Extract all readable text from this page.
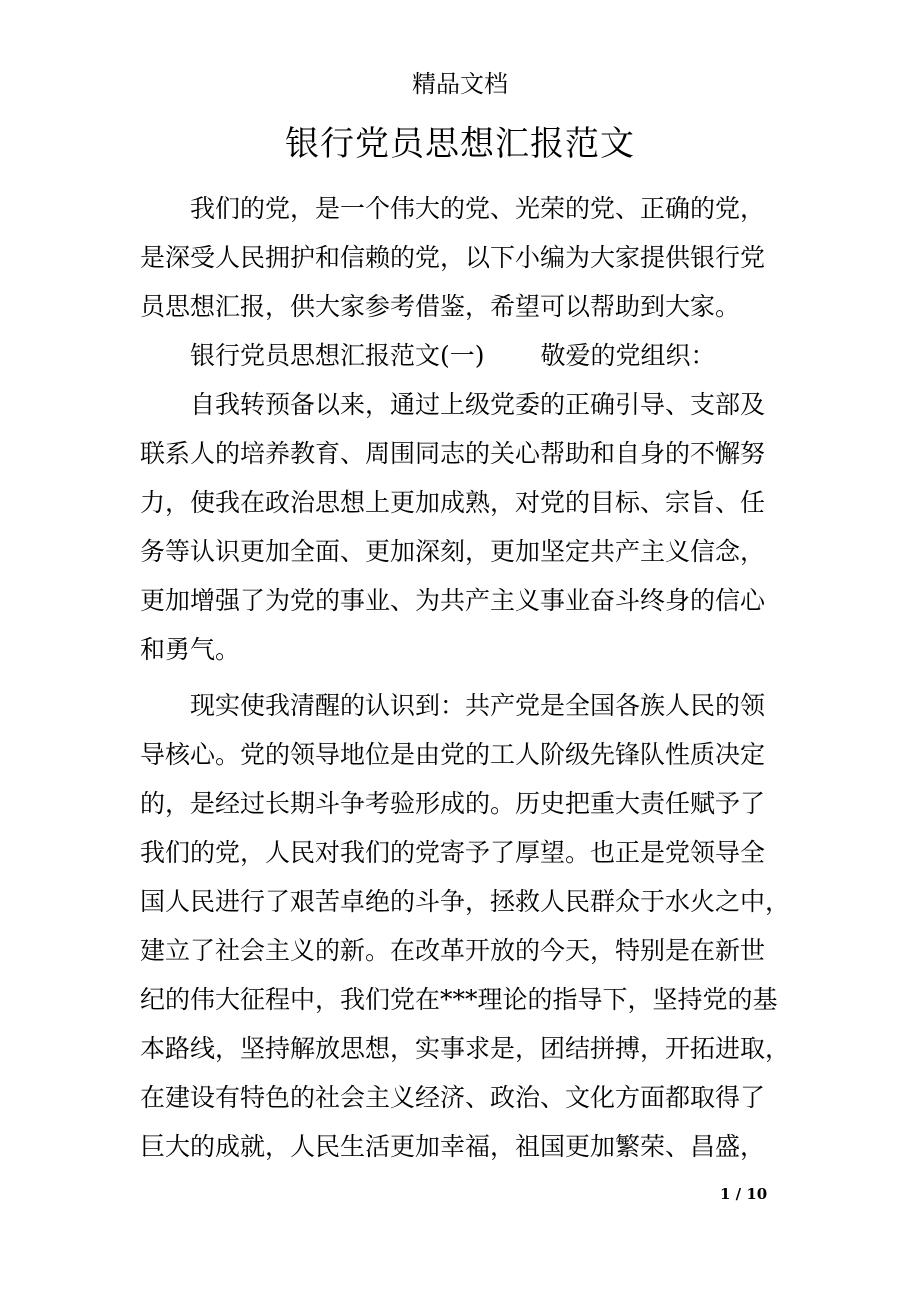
精品文档
银行党员思想汇报范文
我们的党，是一个伟大的党、光荣的党、正确的党，
是深受人民拥护和信赖的党，以下小编为大家提供银行党
员思想汇报，供大家参考借鉴，希望可以帮助到大家。
银行党员思想汇报范文(一) 敬爱的党组织：
自我转预备以来，通过上级党委的正确引导、支部及
联系人的培养教育、周围同志的关心帮助和自身的不懈努
力，使我在政治思想上更加成熟，对党的目标、宗旨、任
务等认识更加全面、更加深刻，更加坚定共产主义信念，
更加增强了为党的事业、为共产主义事业奋斗终身的信心
和勇气。
现实使我清醒的认识到：共产党是全国各族人民的领
导核心。党的领导地位是由党的工人阶级先锋队性质决定
的，是经过长期斗争考验形成的。历史把重大责任赋予了
我们的党，人民对我们的党寄予了厚望。也正是党领导全
国人民进行了艰苦卓绝的斗争，拯救人民群众于水火之中，
建立了社会主义的新。在改革开放的今天，特别是在新世
纪的伟大征程中，我们党在***理论的指导下，坚持党的基
本路线，坚持解放思想，实事求是，团结拼搏，开拓进取，
在建设有特色的社会主义经济、政治、文化方面都取得了
巨大的成就，人民生活更加幸福，祖国更加繁荣、昌盛，
1 / 10
